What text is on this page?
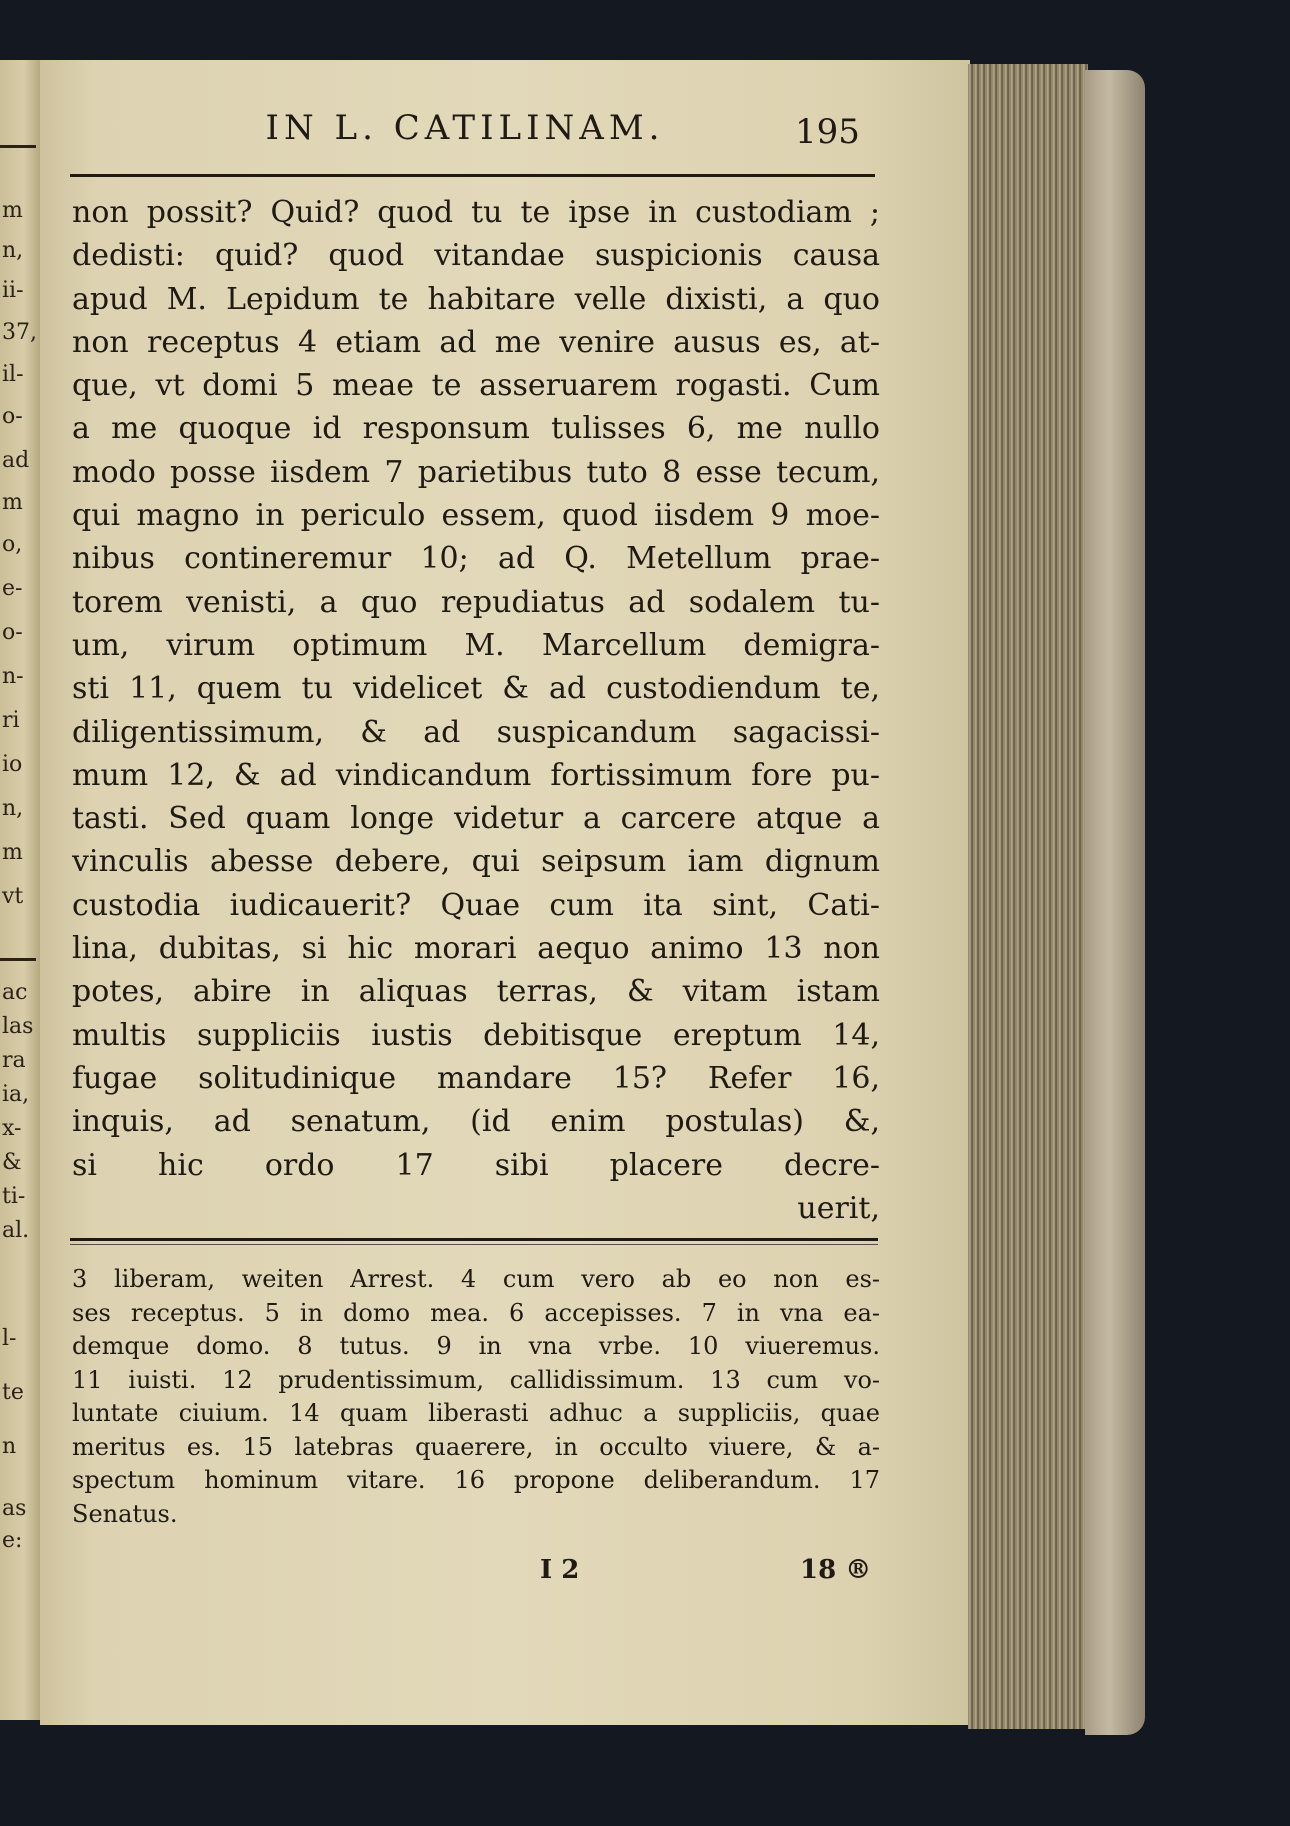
m
n,
ii-
37,
il-
o-
ad
m
o,
e-
o-
n-
ri
io
n,
m
vt
ac
las
ra
ia,
x-
&
ti-
al.
l-
te
n
as
e:
IN L. CATILINAM.	195
non possit? Quid? quod tu te ipse in custodiam ;
dedisti: quid? quod vitandae suspicionis causa
apud M. Lepidum te habitare velle dixisti, a quo
non receptus 4 etiam ad me venire ausus es, at-
que, vt domi 5 meae te asseruarem rogasti. Cum
a me quoque id responsum tulisses 6, me nullo
modo posse iisdem 7 parietibus tuto 8 esse tecum,
qui magno in periculo essem, quod iisdem 9 moe-
nibus contineremur 10; ad Q. Metellum prae-
torem venisti, a quo repudiatus ad sodalem tu-
um, virum optimum M. Marcellum demigra-
sti 11, quem tu videlicet & ad custodiendum te,
diligentissimum, & ad suspicandum sagacissi-
mum 12, & ad vindicandum fortissimum fore pu-
tasti. Sed quam longe videtur a carcere atque a
vinculis abesse debere, qui seipsum iam dignum
custodia iudicauerit? Quae cum ita sint, Cati-
lina, dubitas, si hic morari aequo animo 13 non
potes, abire in aliquas terras, & vitam istam
multis suppliciis iustis debitisque ereptum 14,
fugae solitudinique mandare 15? Refer 16,
inquis, ad senatum, (id enim postulas) &,
si hic ordo 17 sibi placere decre-
uerit,
3 liberam, weiten Arrest. 4 cum vero ab eo non es-
ses receptus. 5 in domo mea. 6 accepisses. 7 in vna ea-
demque domo. 8 tutus. 9 in vna vrbe. 10 viueremus.
11 iuisti. 12 prudentissimum, callidissimum. 13 cum vo-
luntate ciuium. 14 quam liberasti adhuc a suppliciis, quae
meritus es. 15 latebras quaerere, in occulto viuere, & a-
spectum hominum vitare. 16 propone deliberandum. 17
Senatus.
I 2	18 ®
